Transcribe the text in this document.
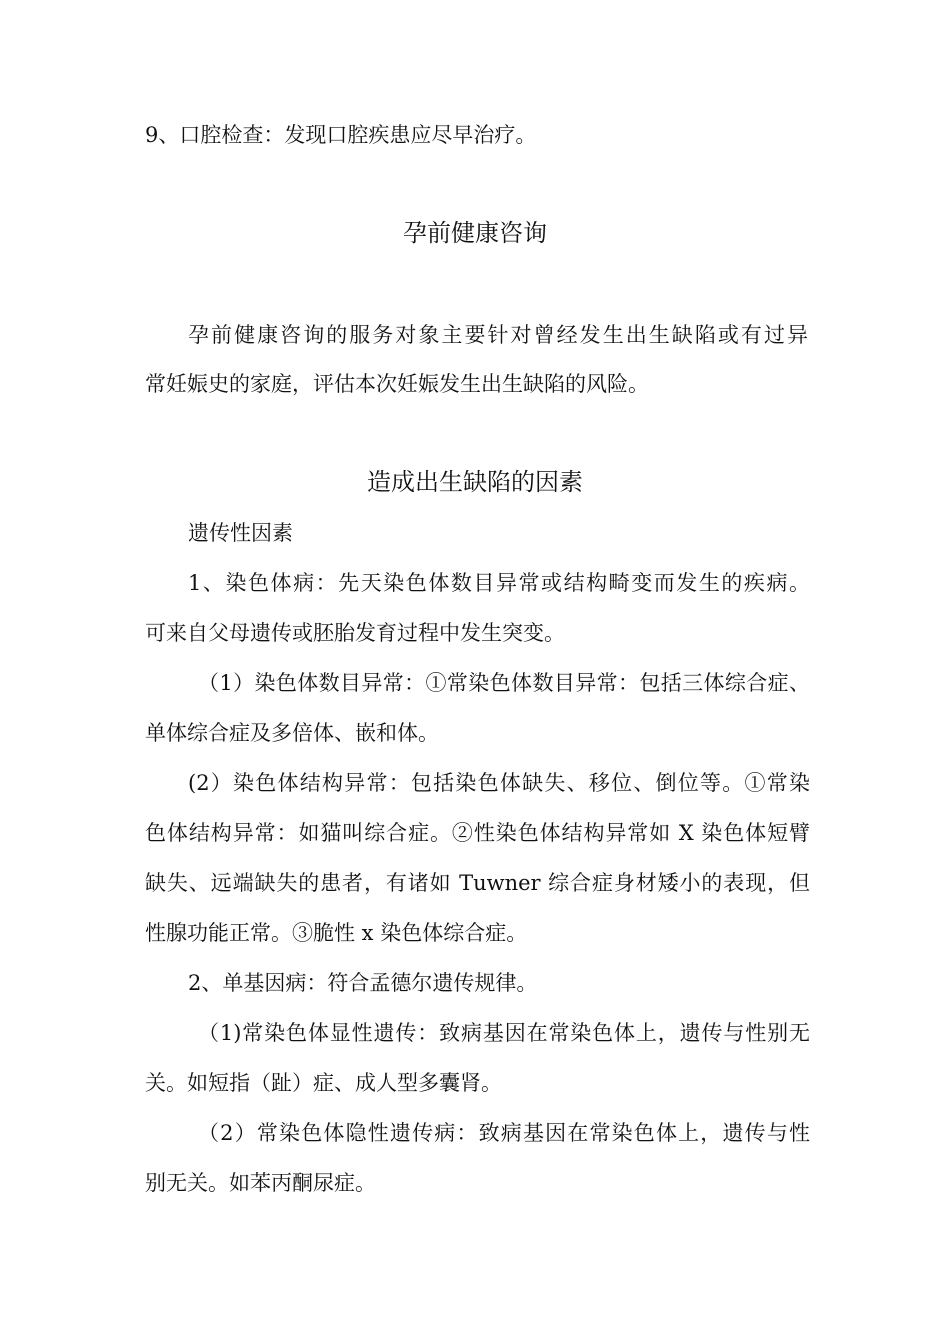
9、口腔检查：发现口腔疾患应尽早治疗。
孕前健康咨询
孕前健康咨询的服务对象主要针对曾经发生出生缺陷或有过异
常妊娠史的家庭，评估本次妊娠发生出生缺陷的风险。
造成出生缺陷的因素
遗传性因素
1、染色体病：先天染色体数目异常或结构畸变而发生的疾病。
可来自父母遗传或胚胎发育过程中发生突变。
（1）染色体数目异常：①常染色体数目异常：包括三体综合症、
单体综合症及多倍体、嵌和体。
(2）染色体结构异常：包括染色体缺失、移位、倒位等。①常染
色体结构异常：如猫叫综合症。②性染色体结构异常如 X 染色体短臂
缺失、远端缺失的患者，有诸如 Tuwner 综合症身材矮小的表现，但
性腺功能正常。③脆性 x 染色体综合症。
2、单基因病：符合孟德尔遗传规律。
（1)常染色体显性遗传：致病基因在常染色体上，遗传与性别无
关。如短指（趾）症、成人型多囊肾。
（2）常染色体隐性遗传病：致病基因在常染色体上，遗传与性
别无关。如苯丙酮尿症。
